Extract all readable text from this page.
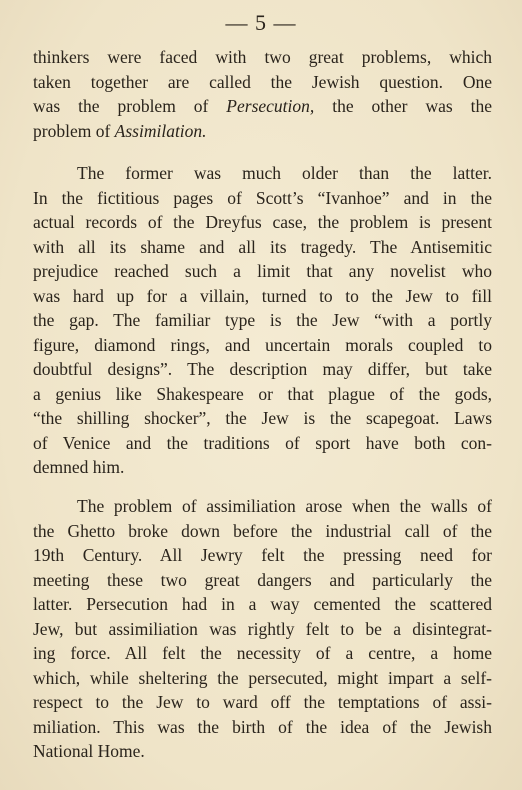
— 5 —
thinkers were faced with two great problems, which
taken together are called the Jewish question. One
was the problem of Persecution, the other was the
problem of Assimilation.
The former was much older than the latter.
In the fictitious pages of Scott’s “Ivanhoe” and in the
actual records of the Dreyfus case, the problem is present
with all its shame and all its tragedy. The Antisemitic
prejudice reached such a limit that any novelist who
was hard up for a villain, turned to to the Jew to fill
the gap. The familiar type is the Jew “with a portly
figure, diamond rings, and uncertain morals coupled to
doubtful designs”. The description may differ, but take
a genius like Shakespeare or that plague of the gods,
“the shilling shocker”, the Jew is the scapegoat. Laws
of Venice and the traditions of sport have both con-
demned him.
The problem of assimiliation arose when the walls of
the Ghetto broke down before the industrial call of the
19th Century. All Jewry felt the pressing need for
meeting these two great dangers and particularly the
latter. Persecution had in a way cemented the scattered
Jew, but assimiliation was rightly felt to be a disintegrat-
ing force. All felt the necessity of a centre, a home
which, while sheltering the persecuted, might impart a self-
respect to the Jew to ward off the temptations of assi-
miliation. This was the birth of the idea of the Jewish
National Home.
